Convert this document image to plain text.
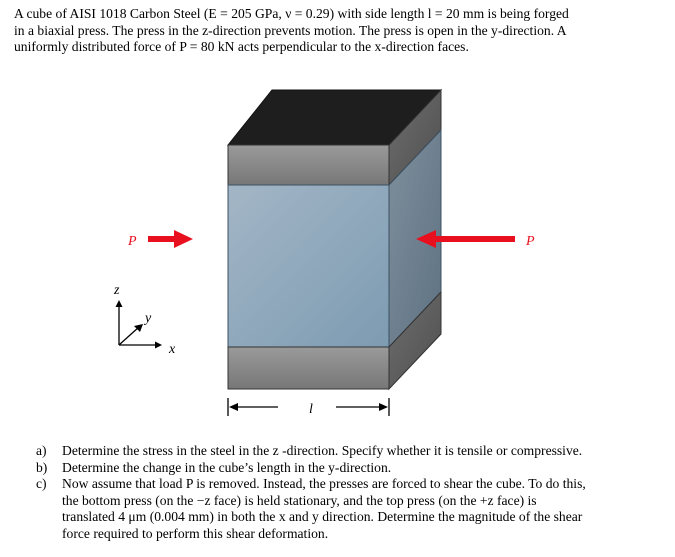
A cube of AISI 1018 Carbon Steel (E = 205 GPa, ν = 0.29) with side length l = 20 mm is being forged
in a biaxial press. The press in the z-direction prevents motion. The press is open in the y-direction. A
uniformly distributed force of P = 80 kN acts perpendicular to the x-direction faces.
P	P
z
y
x
l
a) Determine the stress in the steel in the z -direction. Specify whether it is tensile or compressive.
b) Determine the change in the cube’s length in the y-direction.
c) Now assume that load P is removed. Instead, the presses are forced to shear the cube. To do this,
the bottom press (on the −z face) is held stationary, and the top press (on the +z face) is
translated 4 μm (0.004 mm) in both the x and y direction. Determine the magnitude of the shear
force required to perform this shear deformation.
